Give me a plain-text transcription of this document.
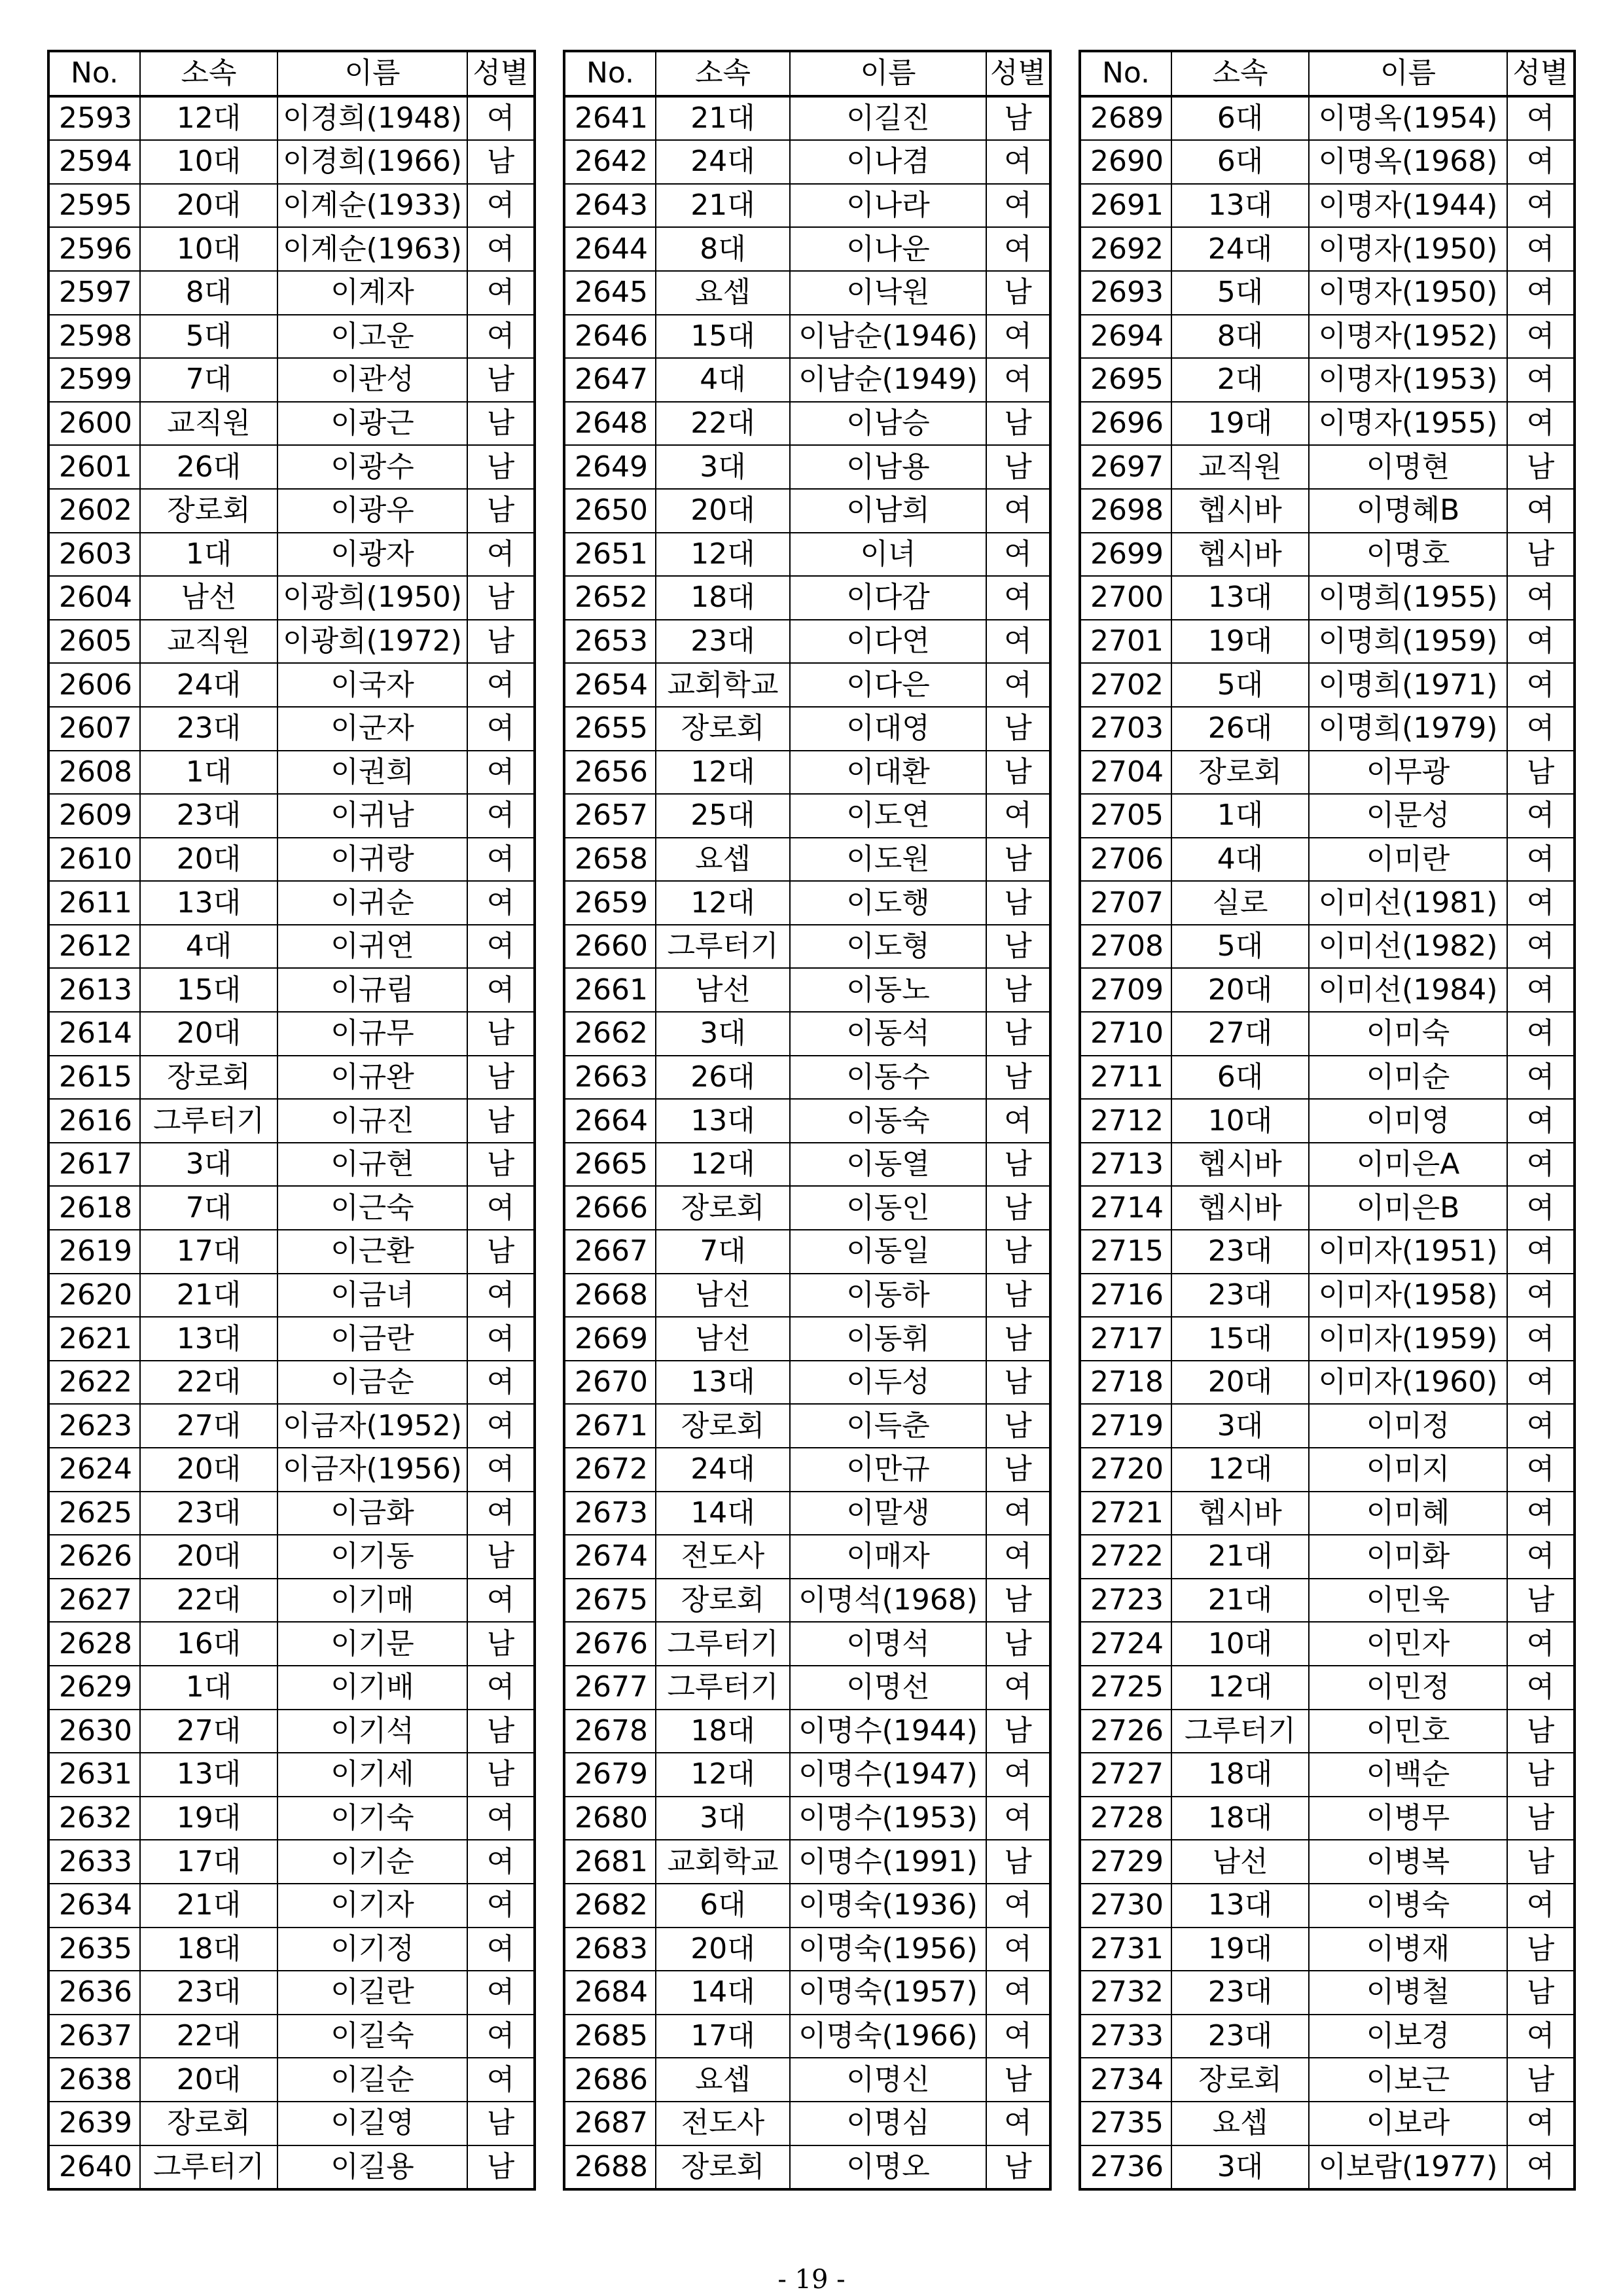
No.	소속	이름	성별
2593	12대	이경희(1948)	여
2594	10대	이경희(1966)	남
2595	20대	이계순(1933)	여
2596	10대	이계순(1963)	여
2597	8대	이계자	여
2598	5대	이고운	여
2599	7대	이관성	남
2600	교직원	이광근	남
2601	26대	이광수	남
2602	장로회	이광우	남
2603	1대	이광자	여
2604	남선	이광희(1950)	남
2605	교직원	이광희(1972)	남
2606	24대	이국자	여
2607	23대	이군자	여
2608	1대	이권희	여
2609	23대	이귀남	여
2610	20대	이귀랑	여
2611	13대	이귀순	여
2612	4대	이귀연	여
2613	15대	이규림	여
2614	20대	이규무	남
2615	장로회	이규완	남
2616	그루터기	이규진	남
2617	3대	이규현	남
2618	7대	이근숙	여
2619	17대	이근환	남
2620	21대	이금녀	여
2621	13대	이금란	여
2622	22대	이금순	여
2623	27대	이금자(1952)	여
2624	20대	이금자(1956)	여
2625	23대	이금화	여
2626	20대	이기동	남
2627	22대	이기매	여
2628	16대	이기문	남
2629	1대	이기배	여
2630	27대	이기석	남
2631	13대	이기세	남
2632	19대	이기숙	여
2633	17대	이기순	여
2634	21대	이기자	여
2635	18대	이기정	여
2636	23대	이길란	여
2637	22대	이길숙	여
2638	20대	이길순	여
2639	장로회	이길영	남
2640	그루터기	이길용	남
No.	소속	이름	성별
2641	21대	이길진	남
2642	24대	이나겸	여
2643	21대	이나라	여
2644	8대	이나운	여
2645	요셉	이낙원	남
2646	15대	이남순(1946)	여
2647	4대	이남순(1949)	여
2648	22대	이남승	남
2649	3대	이남용	남
2650	20대	이남희	여
2651	12대	이녀	여
2652	18대	이다감	여
2653	23대	이다연	여
2654	교회학교	이다은	여
2655	장로회	이대영	남
2656	12대	이대환	남
2657	25대	이도연	여
2658	요셉	이도원	남
2659	12대	이도행	남
2660	그루터기	이도형	남
2661	남선	이동노	남
2662	3대	이동석	남
2663	26대	이동수	남
2664	13대	이동숙	여
2665	12대	이동열	남
2666	장로회	이동인	남
2667	7대	이동일	남
2668	남선	이동하	남
2669	남선	이동휘	남
2670	13대	이두성	남
2671	장로회	이득춘	남
2672	24대	이만규	남
2673	14대	이말생	여
2674	전도사	이매자	여
2675	장로회	이명석(1968)	남
2676	그루터기	이명석	남
2677	그루터기	이명선	여
2678	18대	이명수(1944)	남
2679	12대	이명수(1947)	여
2680	3대	이명수(1953)	여
2681	교회학교	이명수(1991)	남
2682	6대	이명숙(1936)	여
2683	20대	이명숙(1956)	여
2684	14대	이명숙(1957)	여
2685	17대	이명숙(1966)	여
2686	요셉	이명신	남
2687	전도사	이명심	여
2688	장로회	이명오	남
No.	소속	이름	성별
2689	6대	이명옥(1954)	여
2690	6대	이명옥(1968)	여
2691	13대	이명자(1944)	여
2692	24대	이명자(1950)	여
2693	5대	이명자(1950)	여
2694	8대	이명자(1952)	여
2695	2대	이명자(1953)	여
2696	19대	이명자(1955)	여
2697	교직원	이명현	남
2698	헵시바	이명혜B	여
2699	헵시바	이명호	남
2700	13대	이명희(1955)	여
2701	19대	이명희(1959)	여
2702	5대	이명희(1971)	여
2703	26대	이명희(1979)	여
2704	장로회	이무광	남
2705	1대	이문성	여
2706	4대	이미란	여
2707	실로	이미선(1981)	여
2708	5대	이미선(1982)	여
2709	20대	이미선(1984)	여
2710	27대	이미숙	여
2711	6대	이미순	여
2712	10대	이미영	여
2713	헵시바	이미은A	여
2714	헵시바	이미은B	여
2715	23대	이미자(1951)	여
2716	23대	이미자(1958)	여
2717	15대	이미자(1959)	여
2718	20대	이미자(1960)	여
2719	3대	이미정	여
2720	12대	이미지	여
2721	헵시바	이미혜	여
2722	21대	이미화	여
2723	21대	이민욱	남
2724	10대	이민자	여
2725	12대	이민정	여
2726	그루터기	이민호	남
2727	18대	이백순	남
2728	18대	이병무	남
2729	남선	이병복	남
2730	13대	이병숙	여
2731	19대	이병재	남
2732	23대	이병철	남
2733	23대	이보경	여
2734	장로회	이보근	남
2735	요셉	이보라	여
2736	3대	이보람(1977)	여
- 19 -
